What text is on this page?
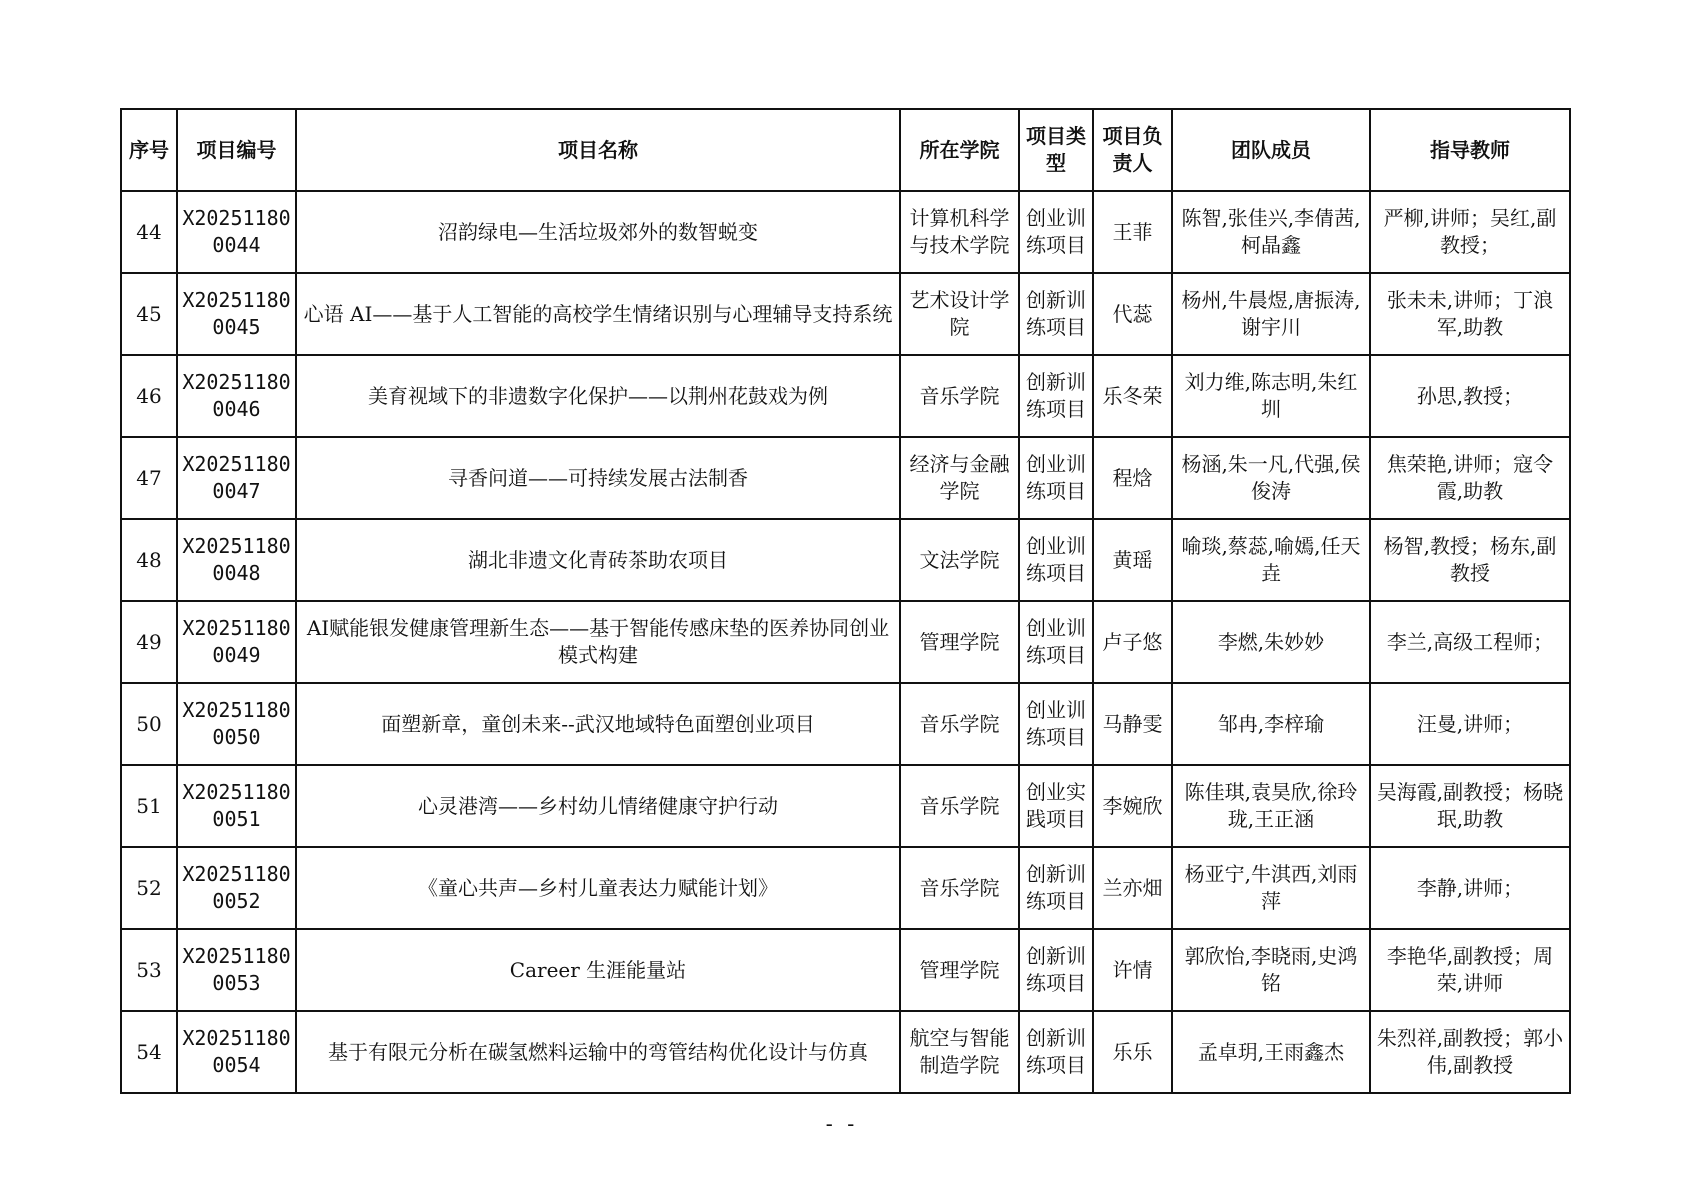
序号	项目编号	项目名称	所在学院	项目类型	项目负责人	团队成员	指导教师
44	X202511800044	沼韵绿电—生活垃圾郊外的数智蜕变	计算机科学与技术学院	创业训练项目	王菲	陈智,张佳兴,李倩茜,柯晶鑫	严柳,讲师；吴红,副教授；
45	X202511800045	心语 AI——基于人工智能的高校学生情绪识别与心理辅导支持系统	艺术设计学院	创新训练项目	代蕊	杨州,牛晨煜,唐振涛,谢宇川	张未未,讲师；丁浪军,助教
46	X202511800046	美育视域下的非遗数字化保护——以荆州花鼓戏为例	音乐学院	创新训练项目	乐冬荣	刘力维,陈志明,朱红圳	孙思,教授；
47	X202511800047	寻香问道——可持续发展古法制香	经济与金融学院	创业训练项目	程焓	杨涵,朱一凡,代强,侯俊涛	焦荣艳,讲师；寇令霞,助教
48	X202511800048	湖北非遗文化青砖茶助农项目	文法学院	创业训练项目	黄瑶	喻琰,蔡蕊,喻嫣,任天垚	杨智,教授；杨东,副教授
49	X202511800049	AI赋能银发健康管理新生态——基于智能传感床垫的医养协同创业模式构建	管理学院	创业训练项目	卢子悠	李燃,朱妙妙	李兰,高级工程师；
50	X202511800050	面塑新章，童创未来--武汉地域特色面塑创业项目	音乐学院	创业训练项目	马静雯	邹冉,李梓瑜	汪曼,讲师；
51	X202511800051	心灵港湾——乡村幼儿情绪健康守护行动	音乐学院	创业实践项目	李婉欣	陈佳琪,袁昊欣,徐玲珑,王正涵	吴海霞,副教授；杨晓珉,助教
52	X202511800052	《童心共声—乡村儿童表达力赋能计划》	音乐学院	创新训练项目	兰亦畑	杨亚宁,牛淇西,刘雨萍	李静,讲师；
53	X202511800053	Career 生涯能量站	管理学院	创新训练项目	许情	郭欣怡,李晓雨,史鸿铭	李艳华,副教授；周荣,讲师
54	X202511800054	基于有限元分析在碳氢燃料运输中的弯管结构优化设计与仿真	航空与智能制造学院	创新训练项目	乐乐	孟卓玥,王雨鑫杰	朱烈祥,副教授；郭小伟,副教授
- -
